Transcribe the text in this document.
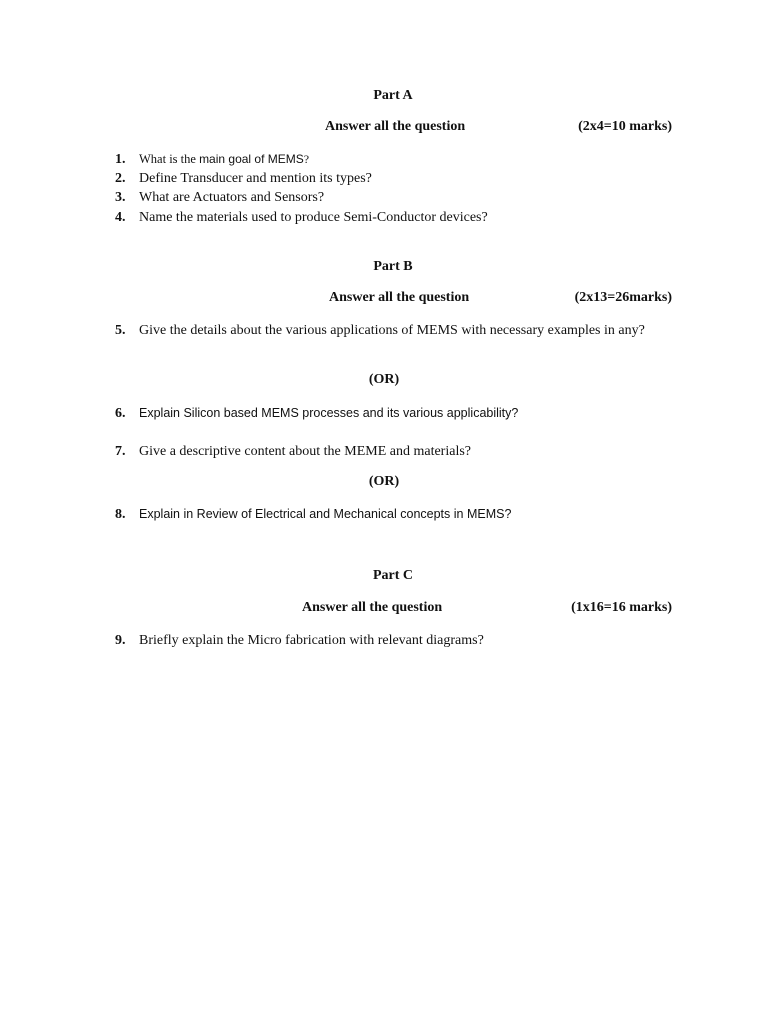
Part A
Answer all the question	(2x4=10 marks)
1.	What is the main goal of MEMS?
2. Define Transducer and mention its types?
3. What are Actuators and Sensors?
4. Name the materials used to produce Semi-Conductor devices?
Part B
Answer all the question	(2x13=26marks)
5. Give the details about the various applications of MEMS with necessary examples in any?
(OR)
6.	Explain Silicon based MEMS processes and its various applicability?
7. Give a descriptive content about the MEME and materials?
(OR)
8.	Explain in Review of Electrical and Mechanical concepts in MEMS?
Part C
Answer all the question	(1x16=16 marks)
9. Briefly explain the Micro fabrication with relevant diagrams?
